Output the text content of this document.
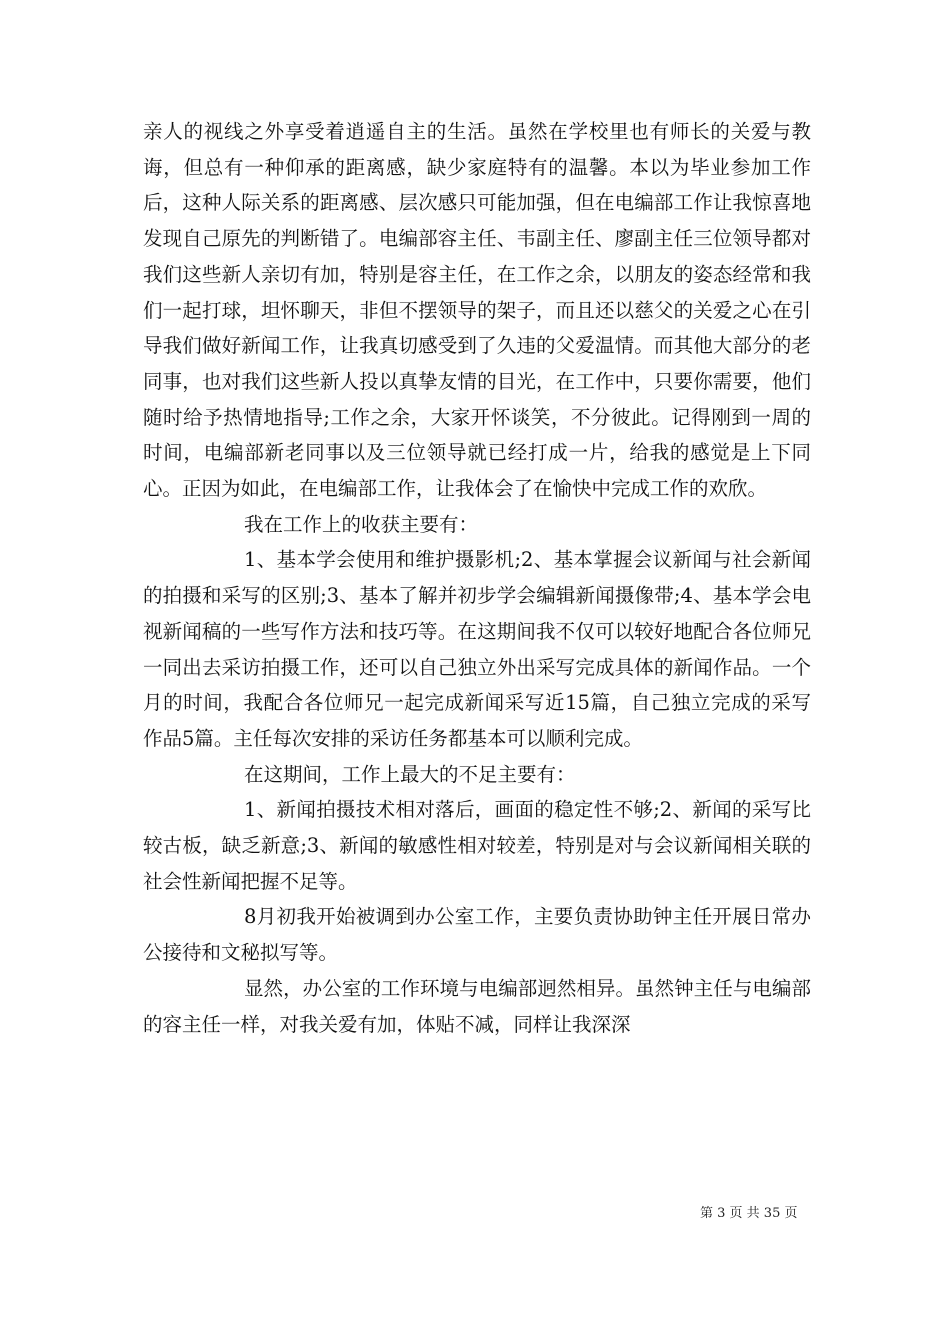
亲人的视线之外享受着逍遥自主的生活。虽然在学校里也有师长的关爱与教诲，但总有一种仰承的距离感，缺少家庭特有的温馨。本以为毕业参加工作后，这种人际关系的距离感、层次感只可能加强，但在电编部工作让我惊喜地发现自己原先的判断错了。电编部容主任、韦副主任、廖副主任三位领导都对我们这些新人亲切有加，特别是容主任，在工作之余，以朋友的姿态经常和我们一起打球，坦怀聊天，非但不摆领导的架子，而且还以慈父的关爱之心在引导我们做好新闻工作，让我真切感受到了久违的父爱温情。而其他大部分的老同事，也对我们这些新人投以真挚友情的目光，在工作中，只要你需要，他们随时给予热情地指导;工作之余，大家开怀谈笑，不分彼此。记得刚到一周的时间，电编部新老同事以及三位领导就已经打成一片，给我的感觉是上下同心。正因为如此，在电编部工作，让我体会了在愉快中完成工作的欢欣。

我在工作上的收获主要有：

1、基本学会使用和维护摄影机;2、基本掌握会议新闻与社会新闻的拍摄和采写的区别;3、基本了解并初步学会编辑新闻摄像带;4、基本学会电视新闻稿的一些写作方法和技巧等。在这期间我不仅可以较好地配合各位师兄一同出去采访拍摄工作，还可以自己独立外出采写完成具体的新闻作品。一个月的时间，我配合各位师兄一起完成新闻采写近15篇，自己独立完成的采写作品5篇。主任每次安排的采访任务都基本可以顺利完成。

在这期间，工作上最大的不足主要有：

1、新闻拍摄技术相对落后，画面的稳定性不够;2、新闻的采写比较古板，缺乏新意;3、新闻的敏感性相对较差，特别是对与会议新闻相关联的社会性新闻把握不足等。

8月初我开始被调到办公室工作，主要负责协助钟主任开展日常办公接待和文秘拟写等。

显然，办公室的工作环境与电编部迥然相异。虽然钟主任与电编部的容主任一样，对我关爱有加，体贴不减，同样让我深深

第 3 页 共 35 页
